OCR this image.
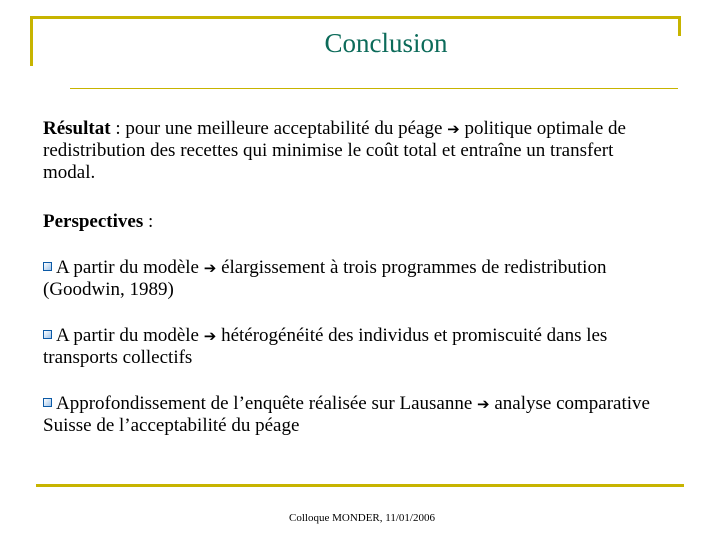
Conclusion

Résultat : pour une meilleure acceptabilité du péage ➔ politique optimale de redistribution des recettes qui minimise le coût total et entraîne un transfert modal.

Perspectives :

A partir du modèle ➔ élargissement à trois programmes de redistribution (Goodwin, 1989)

A partir du modèle ➔ hétérogénéité des individus et promiscuité dans les transports collectifs

Approfondissement de l’enquête réalisée sur Lausanne ➔ analyse comparative Suisse de l’acceptabilité du péage

Colloque MONDER, 11/01/2006
